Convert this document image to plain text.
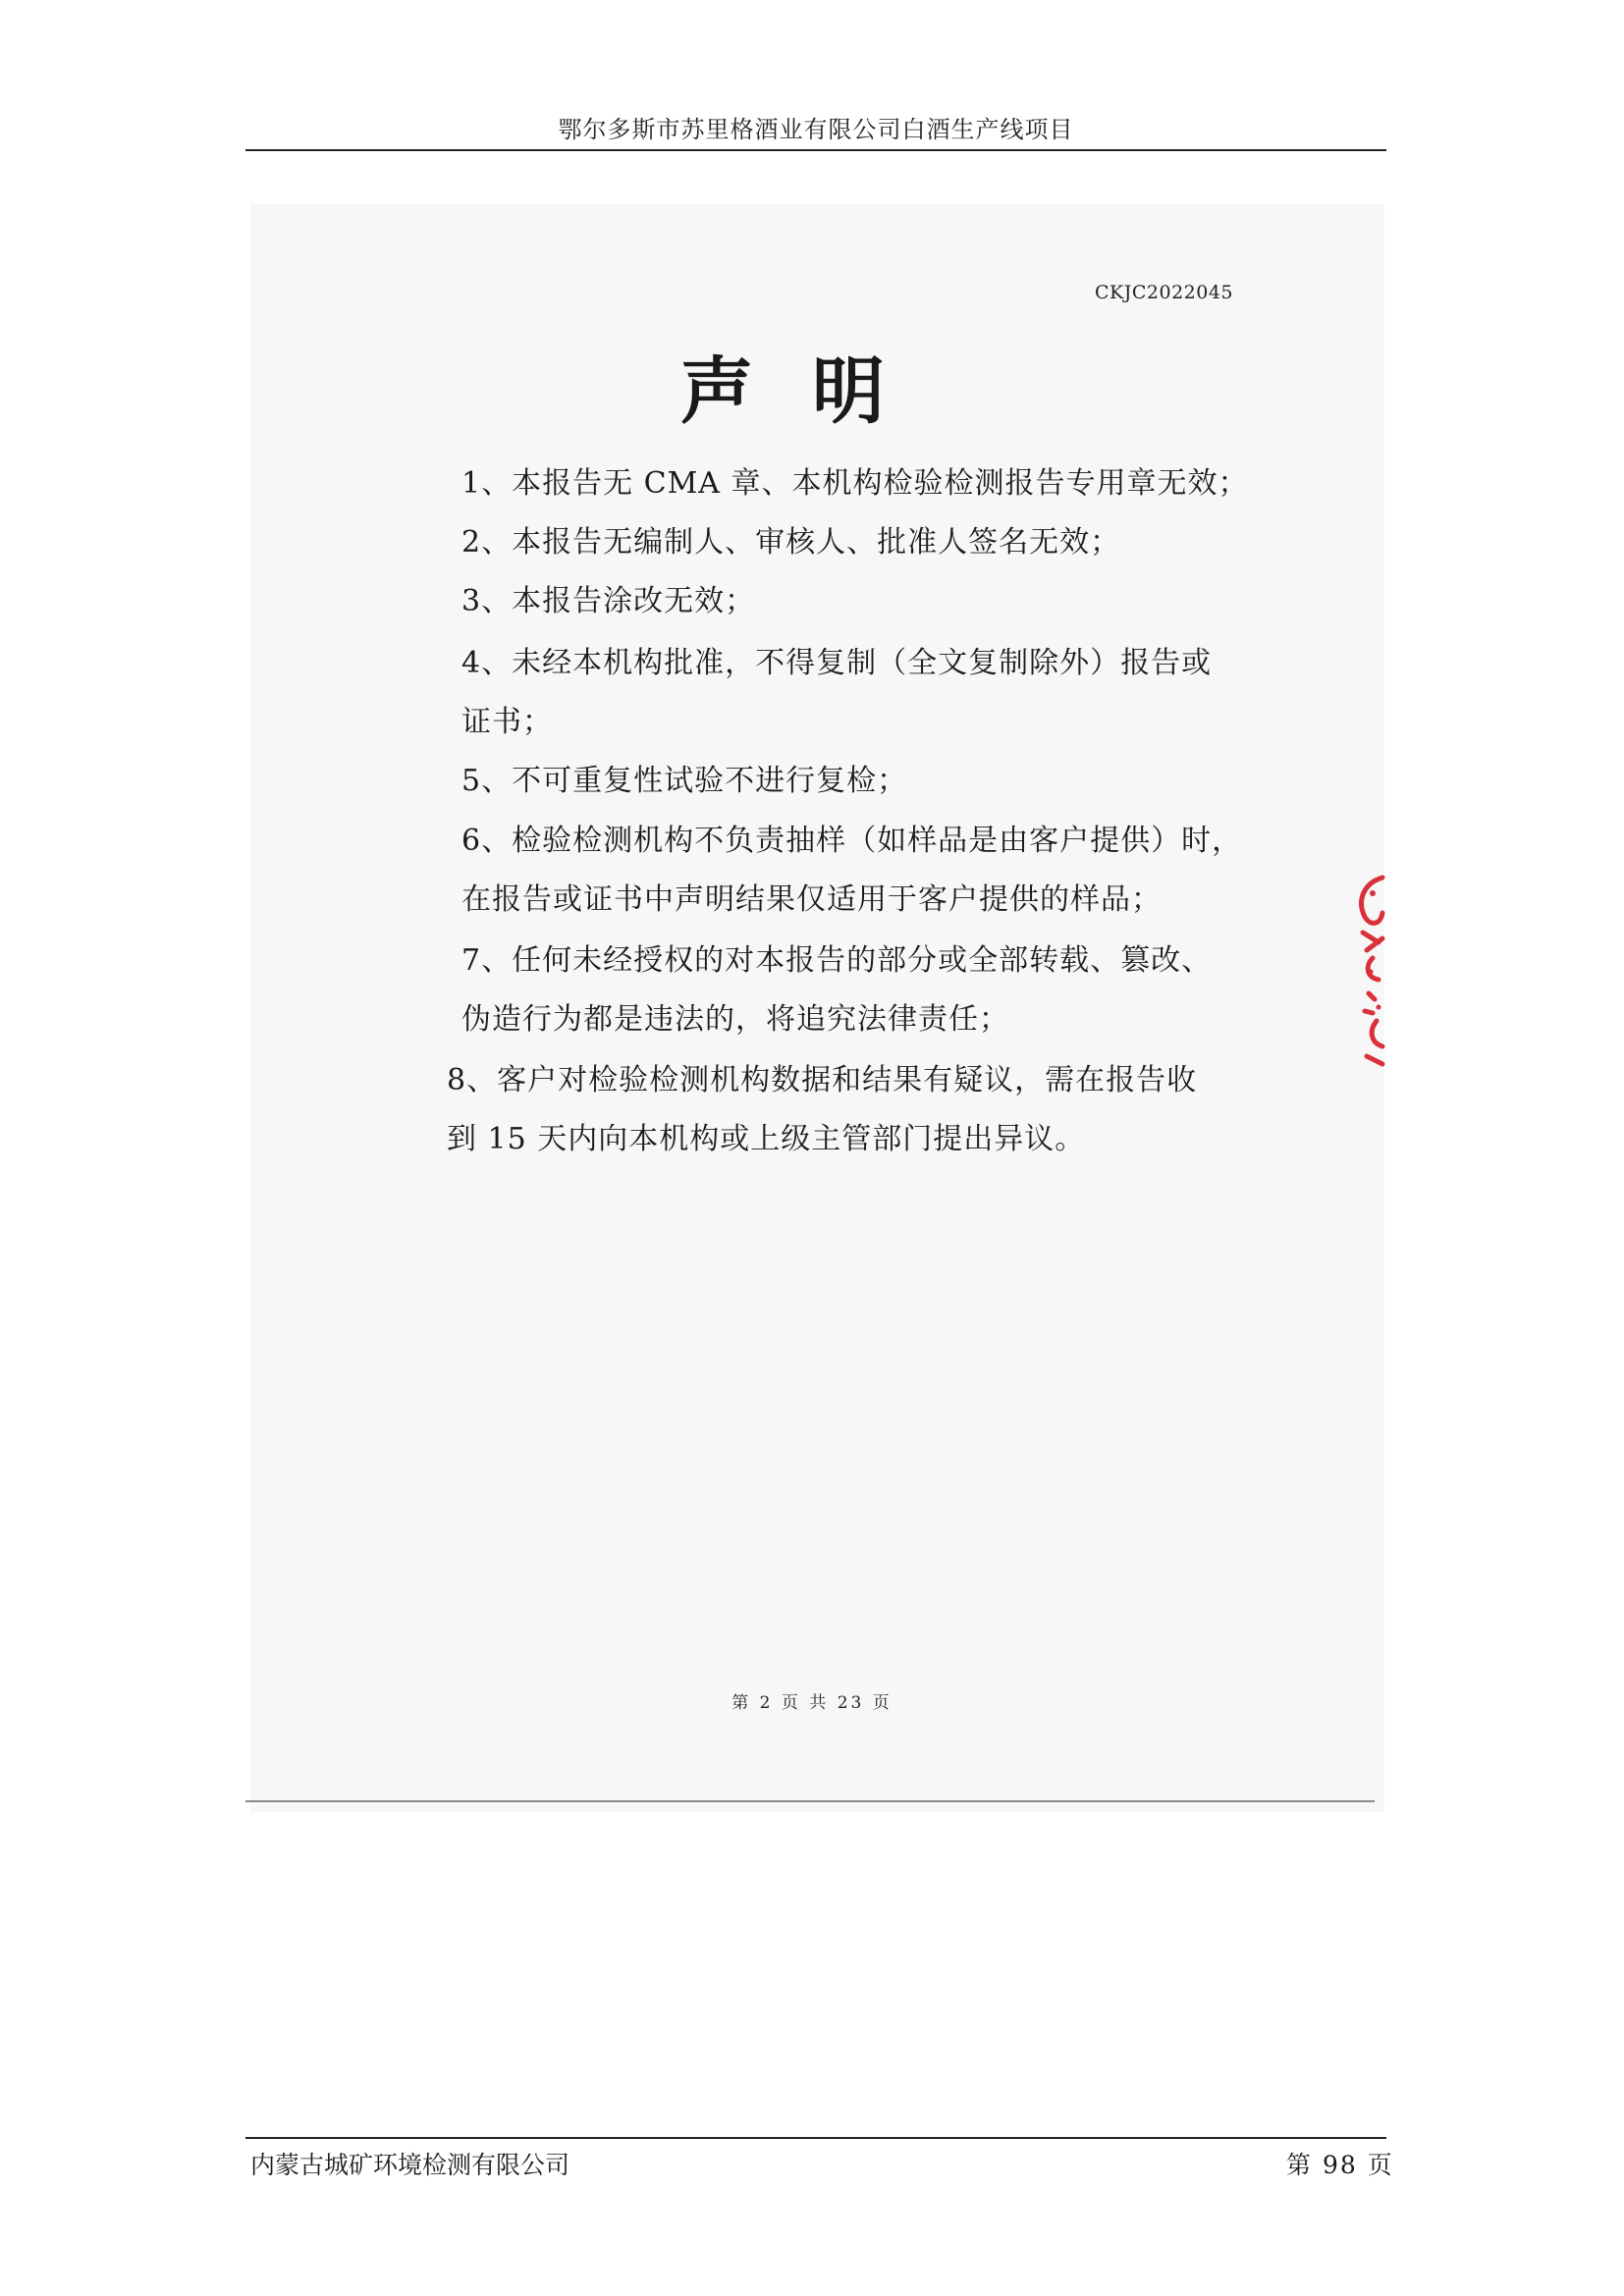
鄂尔多斯市苏里格酒业有限公司白酒生产线项目
CKJC2022045
声明
1、本报告无 CMA 章、本机构检验检测报告专用章无效；
2、本报告无编制人、审核人、批准人签名无效；
3、本报告涂改无效；
4、未经本机构批准，不得复制（全文复制除外）报告或
证书；
5、不可重复性试验不进行复检；
6、检验检测机构不负责抽样（如样品是由客户提供）时，
在报告或证书中声明结果仅适用于客户提供的样品；
7、任何未经授权的对本报告的部分或全部转载、篡改、
伪造行为都是违法的，将追究法律责任；
8、客户对检验检测机构数据和结果有疑议，需在报告收
到 15 天内向本机构或上级主管部门提出异议。
第 2 页 共 23 页
内蒙古城矿环境检测有限公司	第 98 页
